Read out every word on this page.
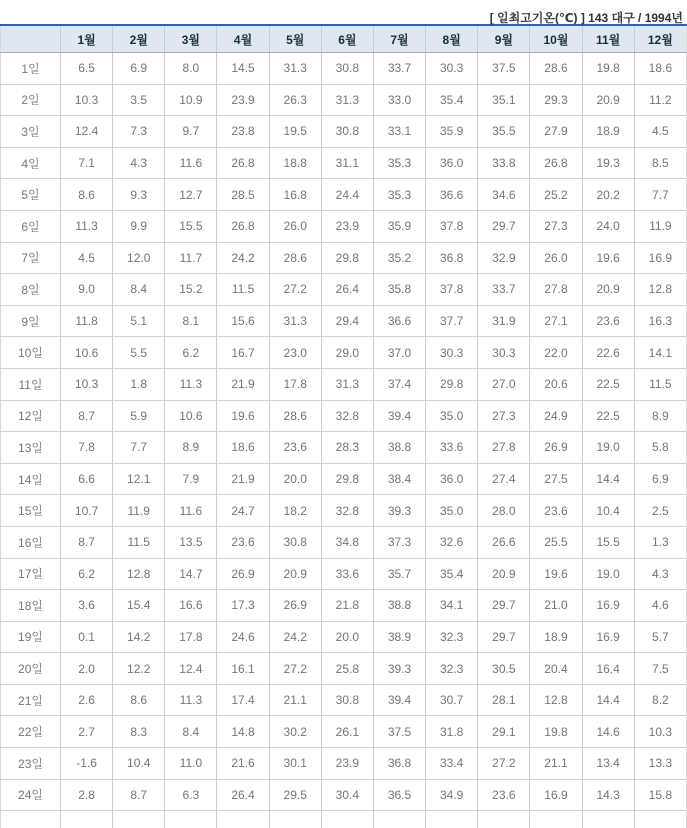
[ 일최고기온(℃) ] 143 대구 / 1994년
	1월	2월	3월	4월	5월	6월	7월	8월	9월	10월	11월	12월
1일	6.5	6.9	8.0	14.5	31.3	30.8	33.7	30.3	37.5	28.6	19.8	18.6
2일	10.3	3.5	10.9	23.9	26.3	31.3	33.0	35.4	35.1	29.3	20.9	11.2
3일	12.4	7.3	9.7	23.8	19.5	30.8	33.1	35.9	35.5	27.9	18.9	4.5
4일	7.1	4.3	11.6	26.8	18.8	31.1	35.3	36.0	33.8	26.8	19.3	8.5
5일	8.6	9.3	12.7	28.5	16.8	24.4	35.3	36.6	34.6	25.2	20.2	7.7
6일	11.3	9.9	15.5	26.8	26.0	23.9	35.9	37.8	29.7	27.3	24.0	11.9
7일	4.5	12.0	11.7	24.2	28.6	29.8	35.2	36.8	32.9	26.0	19.6	16.9
8일	9.0	8.4	15.2	11.5	27.2	26.4	35.8	37.8	33.7	27.8	20.9	12.8
9일	11.8	5.1	8.1	15.6	31.3	29.4	36.6	37.7	31.9	27.1	23.6	16.3
10일	10.6	5.5	6.2	16.7	23.0	29.0	37.0	30.3	30.3	22.0	22.6	14.1
11일	10.3	1.8	11.3	21.9	17.8	31.3	37.4	29.8	27.0	20.6	22.5	11.5
12일	8.7	5.9	10.6	19.6	28.6	32.8	39.4	35.0	27.3	24.9	22.5	8.9
13일	7.8	7.7	8.9	18.6	23.6	28.3	38.8	33.6	27.8	26.9	19.0	5.8
14일	6.6	12.1	7.9	21.9	20.0	29.8	38.4	36.0	27.4	27.5	14.4	6.9
15일	10.7	11.9	11.6	24.7	18.2	32.8	39.3	35.0	28.0	23.6	10.4	2.5
16일	8.7	11.5	13.5	23.6	30.8	34.8	37.3	32.6	26.6	25.5	15.5	1.3
17일	6.2	12.8	14.7	26.9	20.9	33.6	35.7	35.4	20.9	19.6	19.0	4.3
18일	3.6	15.4	16.6	17.3	26.9	21.8	38.8	34.1	29.7	21.0	16.9	4.6
19일	0.1	14.2	17.8	24.6	24.2	20.0	38.9	32.3	29.7	18.9	16.9	5.7
20일	2.0	12.2	12.4	16.1	27.2	25.8	39.3	32.3	30.5	20.4	16.4	7.5
21일	2.6	8.6	11.3	17.4	21.1	30.8	39.4	30.7	28.1	12.8	14.4	8.2
22일	2.7	8.3	8.4	14.8	30.2	26.1	37.5	31.8	29.1	19.8	14.6	10.3
23일	-1.6	10.4	11.0	21.6	30.1	23.9	36.8	33.4	27.2	21.1	13.4	13.3
24일	2.8	8.7	6.3	26.4	29.5	30.4	36.5	34.9	23.6	16.9	14.3	15.8
